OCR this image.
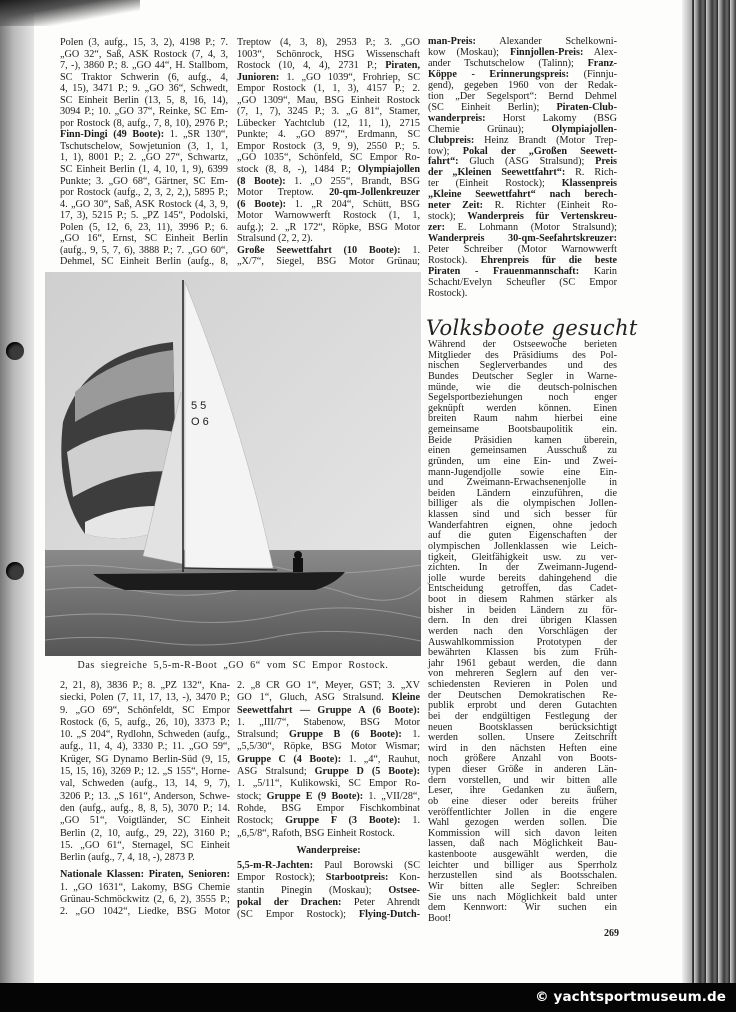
Polen (3, aufg., 15, 3, 2), 4198 P.; 7.
„GO 32“, Saß, ASK Rostock (7, 4, 3,
7, -), 3860 P.; 8. „GO 44“, H. Stallbom,
SC Traktor Schwerin (6, aufg., 4,
4, 15), 3471 P.; 9. „GO 36“, Schwedt,
SC Einheit Berlin (13, 5, 8, 16, 14),
3094 P.; 10. „GO 37“, Reinke, SC Em-
por Rostock (8, aufg., 7, 8, 10), 2976 P.;
Finn-Dingi (49 Boote): 1. „SR 130“,
Tschutschelow, Sowjetunion (3, 1, 1,
1, 1), 8001 P.; 2. „GO 27“, Schwartz,
SC Einheit Berlin (1, 4, 10, 1, 9), 6399
Punkte; 3. „GO 68“, Gärtner, SC Em-
por Rostock (aufg., 2, 3, 2, 2,), 5895 P.;
4. „GO 30“, Saß, ASK Rostock (4, 3, 9,
17, 3), 5215 P.; 5. „PZ 145“, Podolski,
Polen (5, 12, 6, 23, 11), 3996 P.; 6.
„GO 16“, Ernst, SC Einheit Berlin
(aufg., 9, 5, 7, 6), 3888 P.; 7. „GO 60“,
Dehmel, SC Einheit Berlin (aufg., 8,
Treptow (4, 3, 8), 2953 P.; 3. „GO
1003“, Schönrock, HSG Wissenschaft
Rostock (10, 4, 4), 2731 P.; Piraten,
Junioren: 1. „GO 1039“, Frohriep, SC
Empor Rostock (1, 1, 3), 4157 P.; 2.
„GO 1309“, Mau, BSG Einheit Rostock
(7, 1, 7), 3245 P.; 3. „G 81“, Stamer,
Lübecker Yachtclub (12, 11, 1), 2715
Punkte; 4. „GO 897“, Erdmann, SC
Empor Rostock (3, 9, 9), 2550 P.; 5.
„GO 1035“, Schönfeld, SC Empor Ro-
stock (8, 8, -), 1484 P.; Olympiajollen
(8 Boote): 1. „O 255“, Brandt, BSG
Motor Treptow. 20-qm-Jollenkreuzer
(6 Boote): 1. „R 204“, Schütt, BSG
Motor Warnowwerft Rostock (1, 1,
aufg.); 2. „R 172“, Röpke, BSG Motor
Stralsund (2, 2, 2).
Große Seewettfahrt (10 Boote): 1.
„X/7“, Siegel, BSG Motor Grünau;
man-Preis: Alexander Schelkowni-
kow (Moskau); Finnjollen-Preis: Alex-
ander Tschutschelow (Talinn); Franz-
Köppe - Erinnerungspreis: (Finnju-
gend), gegeben 1960 von der Redak-
tion „Der Segelsport“: Bernd Dehmel
(SC Einheit Berlin); Piraten-Club-
wanderpreis: Horst Lakomy (BSG
Chemie Grünau); Olympiajollen-
Clubpreis: Heinz Brandt (Motor Trep-
tow); Pokal der „Großen Seewett-
fahrt“: Gluch (ASG Stralsund); Preis
der „Kleinen Seewettfahrt“: R. Rich-
ter (Einheit Rostock); Klassenpreis
„Kleine Seewettfahrt“ nach berech-
neter Zeit: R. Richter (Einheit Ro-
stock); Wanderpreis für Vertenskreu-
zer: E. Lohmann (Motor Stralsund);
Wanderpreis 30-qm-Seefahrtskreuzer:
Peter Schreiber (Motor Warnowwerft
Rostock). Ehrenpreis für die beste
Piraten - Frauenmannschaft: Karin
Schacht/Evelyn Scheufler (SC Empor
Rostock).
Volksboote gesucht
Während der Ostseewoche berieten
Mitglieder des Präsidiums des Pol-
nischen Seglerverbandes und des
Bundes Deutscher Segler in Warne-
münde, wie die deutsch-polnischen
Segelsportbeziehungen noch enger
geknüpft werden können. Einen
breiten Raum nahm hierbei eine
gemeinsame Bootsbaupolitik ein.
Beide Präsidien kamen überein,
einen gemeinsamen Ausschuß zu
gründen, um eine Ein- und Zwei-
mann-Jugendjolle sowie eine Ein-
und Zweimann-Erwachsenenjolle in
beiden Ländern einzuführen, die
billiger als die olympischen Jollen-
klassen sind und sich besser für
Wanderfahtren eignen, ohne jedoch
auf die guten Eigenschaften der
olympischen Jollenklassen wie Leich-
tigkeit, Gleitfähigkeit usw. zu ver-
zichten. In der Zweimann-Jugend-
jolle wurde bereits dahingehend die
Entscheidung getroffen, das Cadet-
boot in diesem Rahmen stärker als
bisher in beiden Ländern zu för-
dern. In den drei übrigen Klassen
werden nach den Vorschlägen der
Auswahlkommission Prototypen der
bewährten Klassen bis zum Früh-
jahr 1961 gebaut werden, die dann
von mehreren Seglern auf den ver-
schiedensten Revieren in Polen und
der Deutschen Demokratischen Re-
publik erprobt und deren Gutachten
bei der endgültigen Festlegung der
neuen Bootsklassen berücksichtigt
werden sollen. Unsere Zeitschrift
wird in den nächsten Heften eine
noch größere Anzahl von Boots-
typen dieser Größe in anderen Län-
dern vorstellen, und wir bitten alle
Leser, ihre Gedanken zu äußern,
ob eine dieser oder bereits früher
veröffentlichter Jollen in die engere
Wahl gezogen werden sollen. Die
Kommission will sich davon leiten
lassen, daß nach Möglichkeit Bau-
kastenboote ausgewählt werden, die
leichter und billiger aus Sperrholz
herzustellen sind als Bootsschalen.
Wir bitten alle Segler: Schreiben
Sie uns nach Möglichkeit bald unter
dem Kennwort: Wir suchen ein
Boot!
5 5
O 6
Das siegreiche 5,5-m-R-Boot „GO 6“ vom SC Empor Rostock.
2, 21, 8), 3836 P.; 8. „PZ 132“, Kna-
siecki, Polen (7, 11, 17, 13, -), 3470 P.;
9. „GO 69“, Schönfeldt, SC Empor
Rostock (6, 5, aufg., 26, 10), 3373 P.;
10. „S 204“, Rydlohn, Schweden (aufg.,
aufg., 11, 4, 4), 3330 P.; 11. „GO 59“,
Krüger, SG Dynamo Berlin-Süd (9, 15,
15, 15, 16), 3269 P.; 12. „S 155“, Horne-
val, Schweden (aufg., 13, 14, 9, 7),
3206 P.; 13. „S 161“, Anderson, Schwe-
den (aufg., aufg., 8, 8, 5), 3070 P.; 14.
„GO 51“, Voigtländer, SC Einheit
Berlin (2, 10, aufg., 29, 22), 3160 P.;
15. „GO 61“, Sternagel, SC Einheit
Berlin (aufg., 7, 4, 18, -), 2873 P.
Nationale Klassen: Piraten, Senioren:
1. „GO 1631“, Lakomy, BSG Chemie
Grünau-Schmöckwitz (2, 6, 2), 3555 P.;
2. „GO 1042“, Liedke, BSG Motor
2. „8 CR GO 1“, Meyer, GST; 3. „XV
GO 1“, Gluch, ASG Stralsund. Kleine
Seewettfahrt — Gruppe A (6 Boote):
1. „III/7“, Stabenow, BSG Motor
Stralsund; Gruppe B (6 Boote): 1.
„5,5/30“, Röpke, BSG Motor Wismar;
Gruppe C (4 Boote): 1. „4“, Rauhut,
ASG Stralsund; Gruppe D (5 Boote):
1. „5/11“, Kulikowski, SC Empor Ro-
stock; Gruppe E (9 Boote): 1. „VII/28“,
Rohde, BSG Empor Fischkombinat
Rostock; Gruppe F (3 Boote): 1.
„6,5/8“, Rafoth, BSG Einheit Rostock.
Wanderpreise:
5,5-m-R-Jachten: Paul Borowski (SC
Empor Rostock); Starbootpreis: Kon-
stantin Pinegin (Moskau); Ostsee-
pokal der Drachen: Peter Ahrendt
(SC Empor Rostock); Flying-Dutch-
269
© yachtsportmuseum.de
